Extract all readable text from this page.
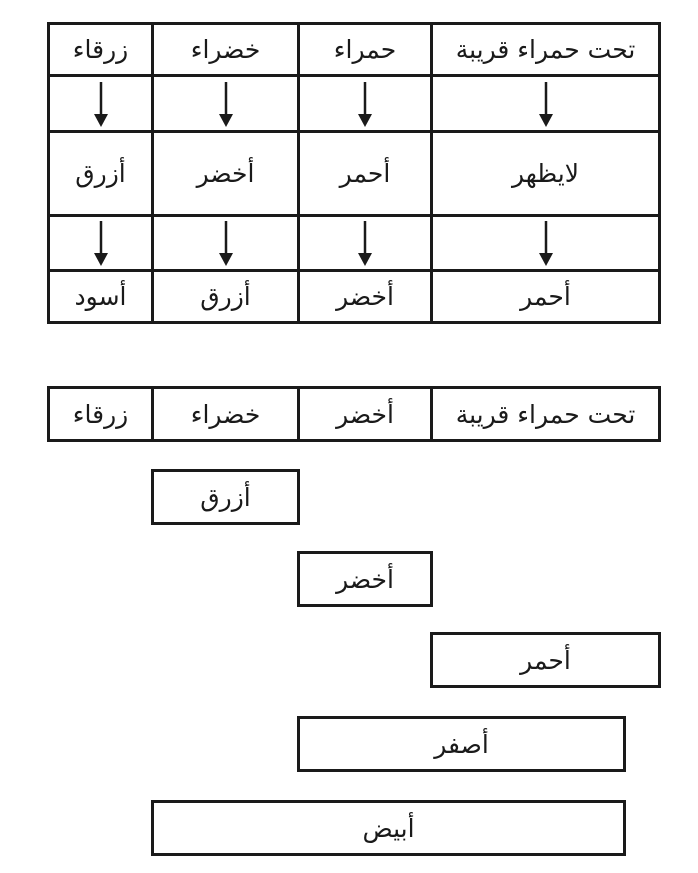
تحت حمراء قريبة
حمراء
خضراء
زرقاء
لايظهر
أحمر
أخضر
أزرق
أحمر
أخضر
أزرق
أسود
تحت حمراء قريبة
أخضر
خضراء
زرقاء
أزرق
أخضر
أحمر
أصفر
أبيض
